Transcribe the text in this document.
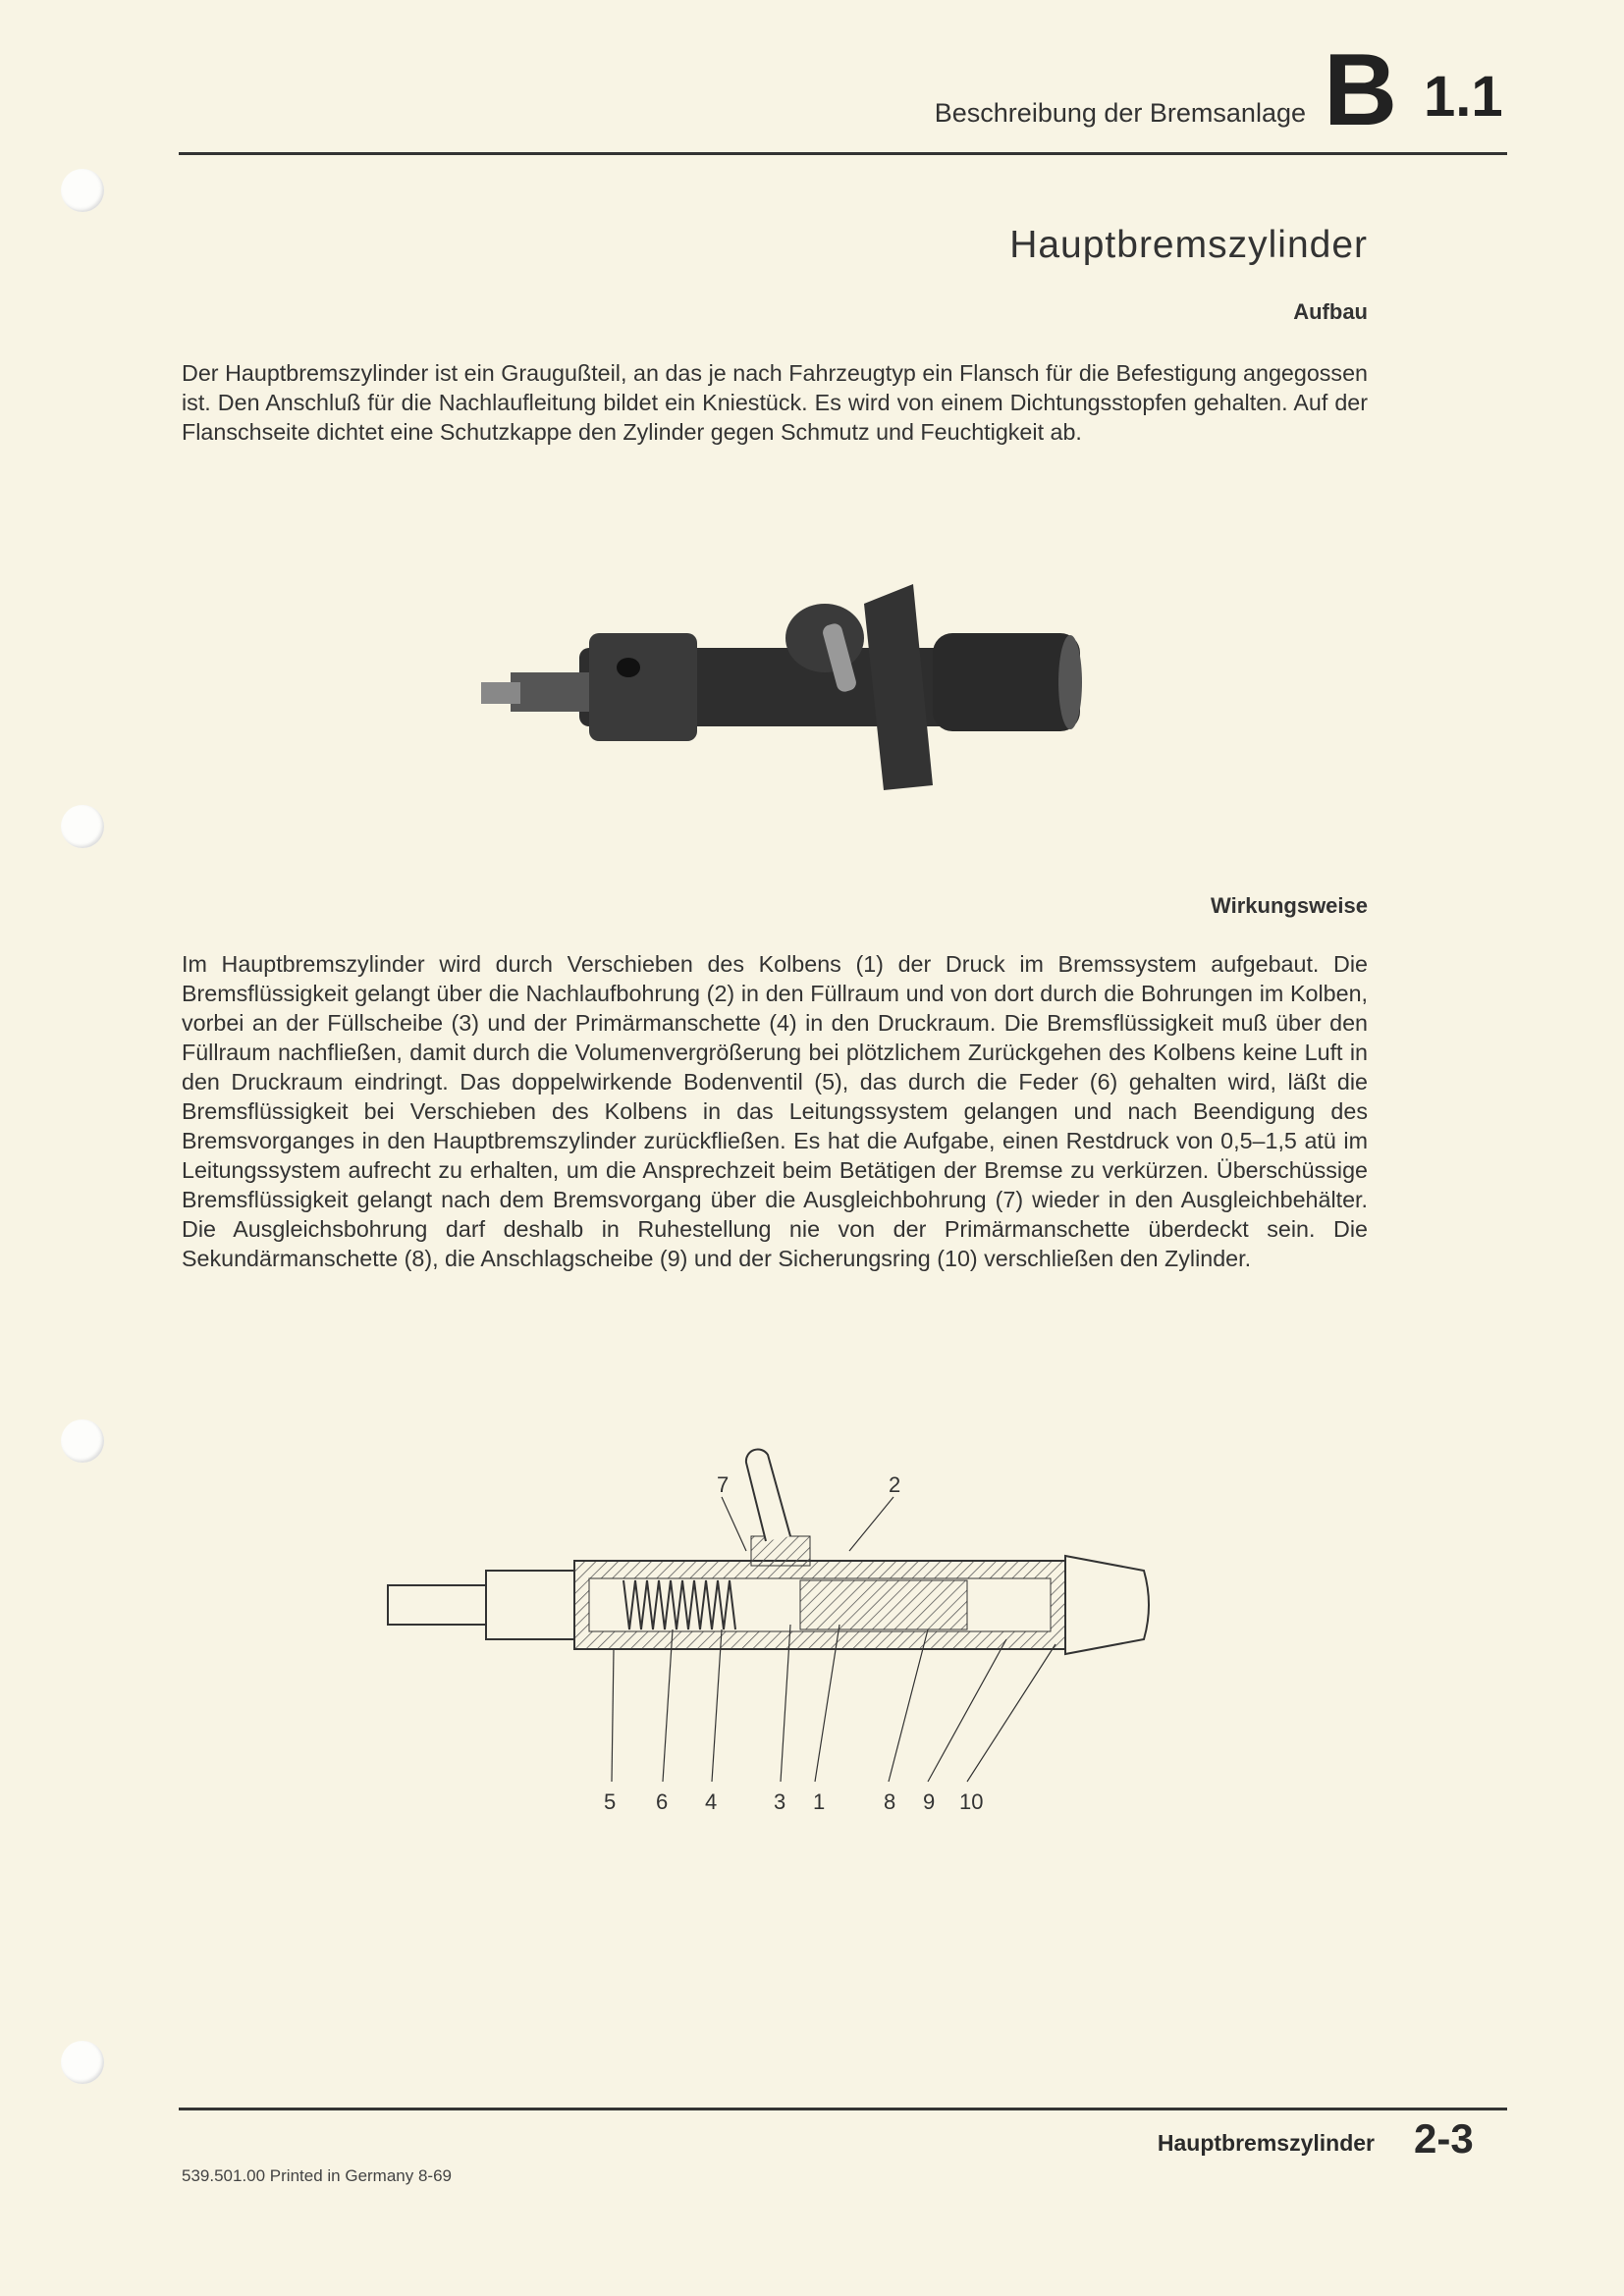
Beschreibung der Bremsanlage B 1.1
Hauptbremszylinder
Aufbau
Der Hauptbremszylinder ist ein Graugußteil, an das je nach Fahrzeugtyp ein Flansch für die Befestigung angegossen ist. Den Anschluß für die Nachlaufleitung bildet ein Kniestück. Es wird von einem Dichtungsstopfen gehalten. Auf der Flanschseite dichtet eine Schutzkappe den Zylinder gegen Schmutz und Feuchtigkeit ab.
Wirkungsweise
Im Hauptbremszylinder wird durch Verschieben des Kolbens (1) der Druck im Bremssystem aufgebaut. Die Bremsflüssigkeit gelangt über die Nachlaufbohrung (2) in den Füllraum und von dort durch die Bohrungen im Kolben, vorbei an der Füllscheibe (3) und der Primärmanschette (4) in den Druckraum. Die Bremsflüssigkeit muß über den Füllraum nachfließen, damit durch die Volumenvergrößerung bei plötzlichem Zurückgehen des Kolbens keine Luft in den Druckraum eindringt. Das doppelwirkende Bodenventil (5), das durch die Feder (6) gehalten wird, läßt die Bremsflüssigkeit bei Verschieben des Kolbens in das Leitungssystem gelangen und nach Beendigung des Bremsvorganges in den Hauptbremszylinder zurückfließen. Es hat die Aufgabe, einen Restdruck von 0,5–1,5 atü im Leitungssystem aufrecht zu erhalten, um die Ansprechzeit beim Betätigen der Bremse zu verkürzen. Überschüssige Bremsflüssigkeit gelangt nach dem Bremsvorgang über die Ausgleichbohrung (7) wieder in den Ausgleichbehälter. Die Ausgleichsbohrung darf deshalb in Ruhestellung nie von der Primärmanschette überdeckt sein. Die Sekundärmanschette (8), die Anschlagscheibe (9) und der Sicherungsring (10) verschließen den Zylinder.
7	2
5 6 4	3 1	8 9 10
Hauptbremszylinder 2-3
539.501.00 Printed in Germany 8-69
